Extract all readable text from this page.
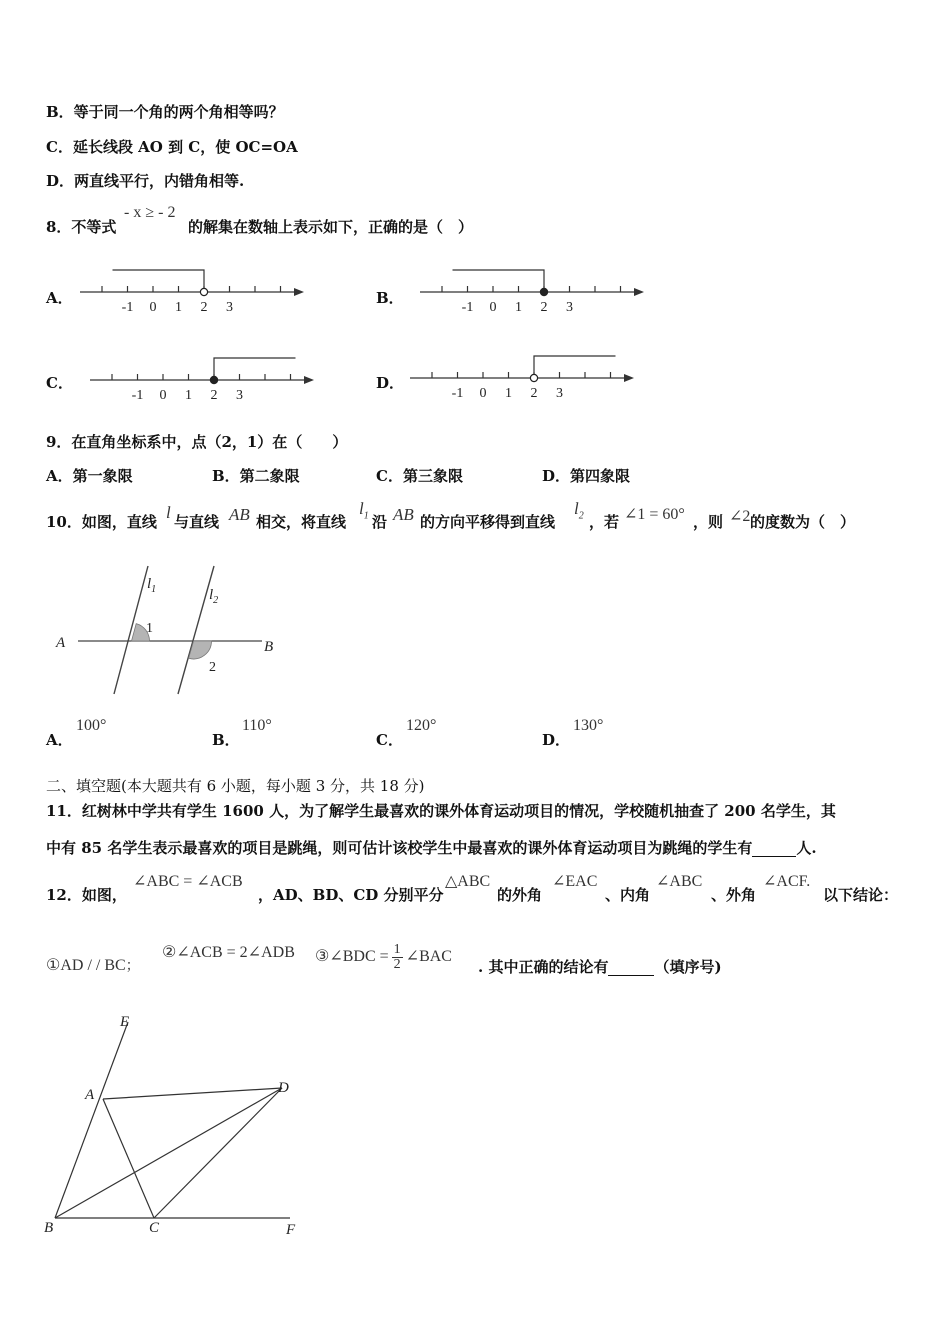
B．等于同一个角的两个角相等吗？
C．延长线段 AO 到 C，使 OC=OA
D．两直线平行，内错角相等.
8．不等式
- x ≥ - 2
的解集在数轴上表示如下，正确的是（　）
A．
-1 0 1 2 3
B．
-1 0 1 2 3
C．
-1 0 1 2 3
D．
-1 0 1 2 3
9．在直角坐标系中，点（2，1）在（　　）
A．第一象限	B．第二象限	C．第三象限	D．第四象限
10．如图，直线 l 与直线 AB 相交，将直线
$l_1$ 沿 AB 的方向平移得到直线
$l_2$ ，若 ∠1 = 60° ，则 ∠2 的度数为（　）
A	B
$l_1$	$l_2$
1
2
A．
100°
B．
110°
C．
120°
D．
130°
二、填空题(本大题共有 6 小题，每小题 3 分，共 18 分)
11．红树林中学共有学生 1600 人，为了解学生最喜欢的课外体育运动项目的情况，学校随机抽查了 200 名学生，其
中有 85 名学生表示最喜欢的项目是跳绳，则可估计该校学生中最喜欢的课外体育运动项目为跳绳的学生有	人.
12．如图，
∠ABC = ∠ACB
，AD、BD、CD 分别平分
△ABC
的外角
∠EAC
、内角
∠ABC
、外角
∠ACF.
以下结论：
①AD / / BC；
②∠ACB = 2∠ADB ③∠BDC = $\frac{1}{2}$ ∠BAC
. 其中正确的结论有	（填序号)
E
A	D
B	C	F
